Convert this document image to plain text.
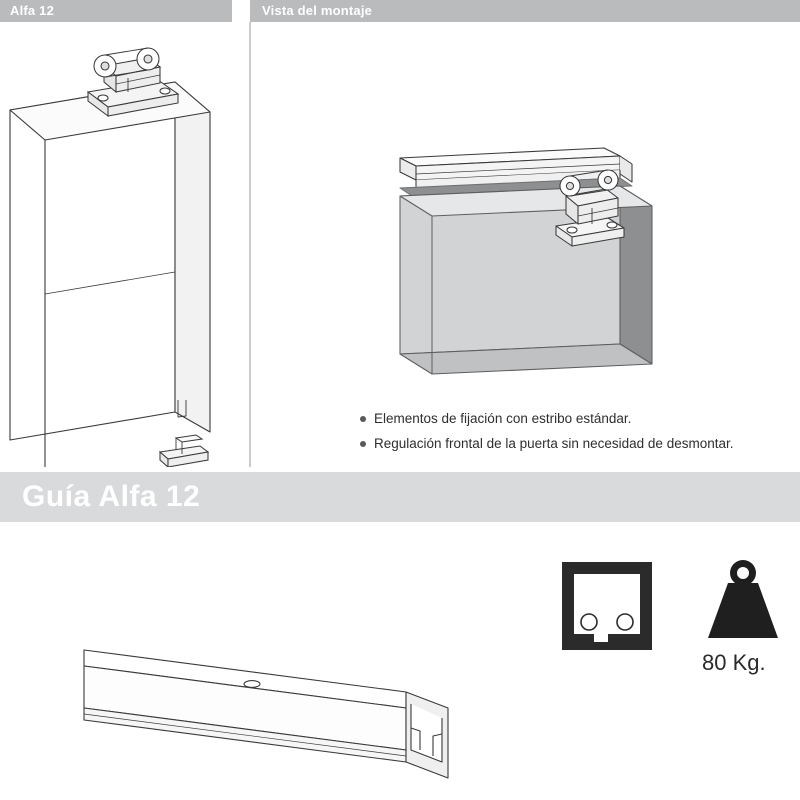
Alfa 12	Vista del montaje
Elementos de fijación con estribo estándar.
Regulación frontal de la puerta sin necesidad de desmontar.
Guía Alfa 12
80 Kg.
